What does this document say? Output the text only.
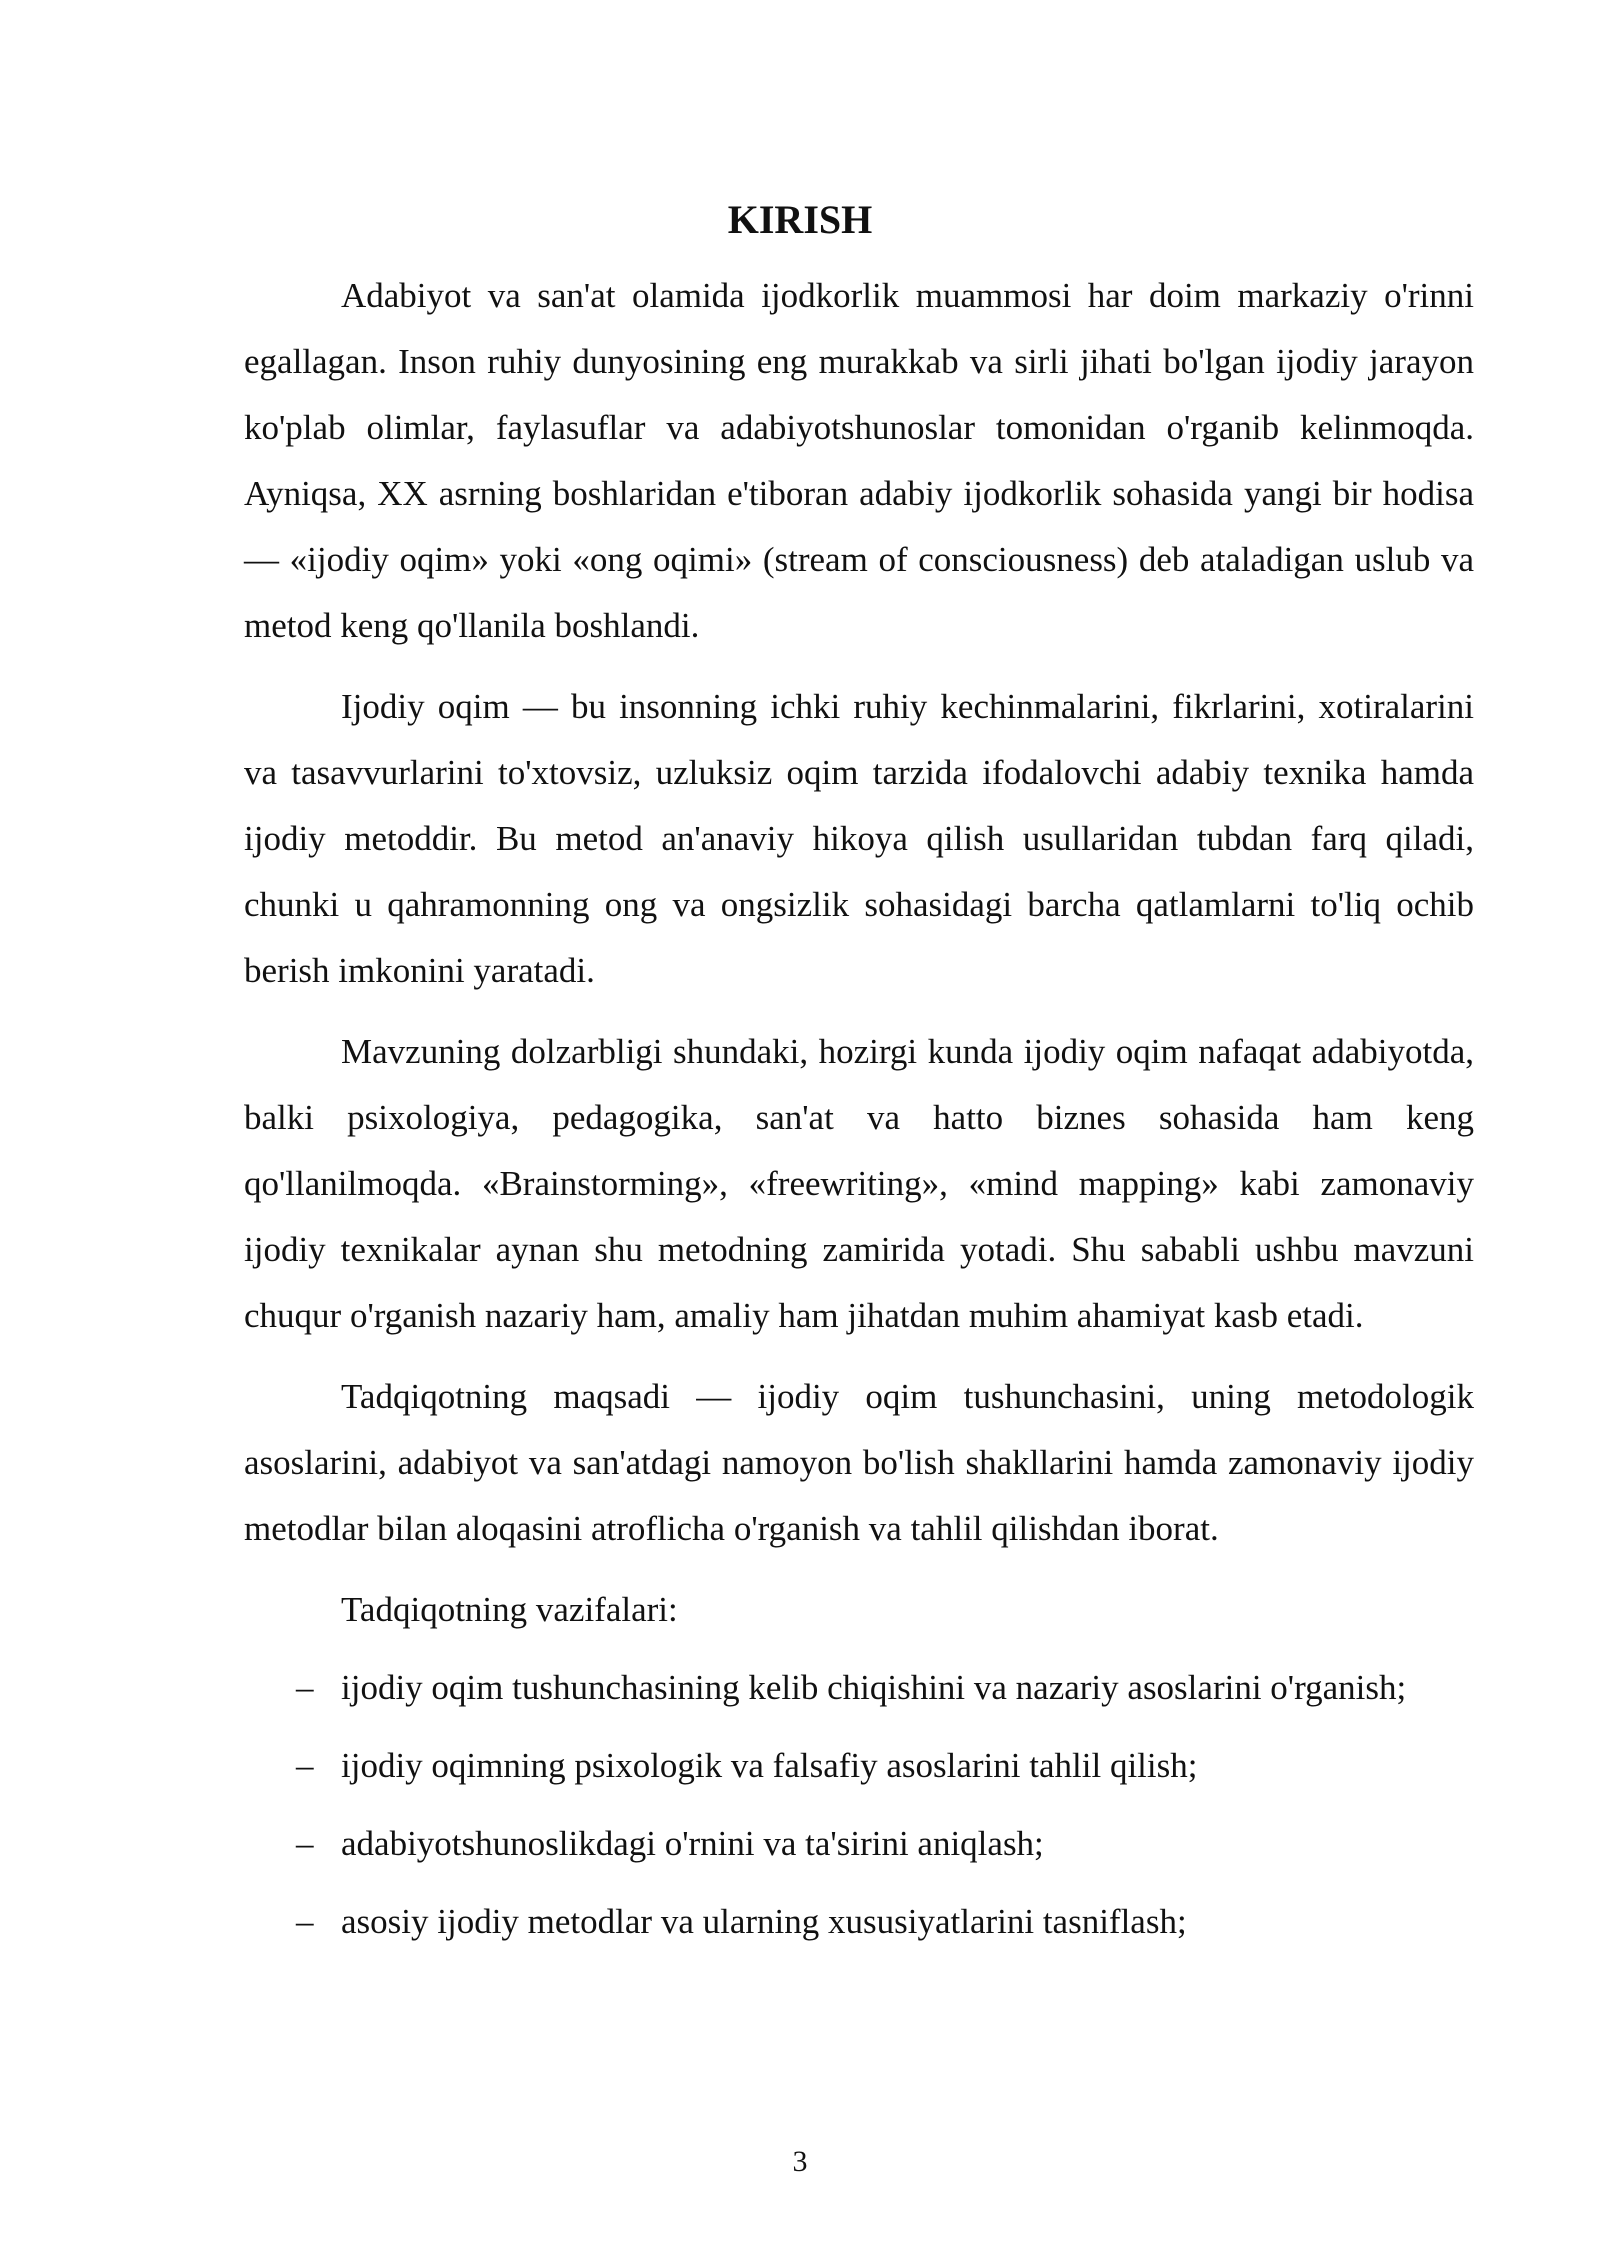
KIRISH

Adabiyot va san'at olamida ijodkorlik muammosi har doim markaziy o'rinni egallagan. Inson ruhiy dunyosining eng murakkab va sirli jihati bo'lgan ijodiy jarayon ko'plab olimlar, faylasuflar va adabiyotshunoslar tomonidan o'rganib kelinmoqda. Ayniqsa, XX asrning boshlaridan e'tiboran adabiy ijodkorlik sohasida yangi bir hodisa — «ijodiy oqim» yoki «ong oqimi» (stream of consciousness) deb ataladigan uslub va metod keng qo'llanila boshlandi.

Ijodiy oqim — bu insonning ichki ruhiy kechinmalarini, fikrlarini, xotiralarini va tasavvurlarini to'xtovsiz, uzluksiz oqim tarzida ifodalovchi adabiy texnika hamda ijodiy metoddir. Bu metod an'anaviy hikoya qilish usullaridan tubdan farq qiladi, chunki u qahramonning ong va ongsizlik sohasidagi barcha qatlamlarni to'liq ochib berish imkonini yaratadi.

Mavzuning dolzarbligi shundaki, hozirgi kunda ijodiy oqim nafaqat adabiyotda, balki psixologiya, pedagogika, san'at va hatto biznes sohasida ham keng qo'llanilmoqda. «Brainstorming», «freewriting», «mind mapping» kabi zamonaviy ijodiy texnikalar aynan shu metodning zamirida yotadi. Shu sababli ushbu mavzuni chuqur o'rganish nazariy ham, amaliy ham jihatdan muhim ahamiyat kasb etadi.

Tadqiqotning maqsadi — ijodiy oqim tushunchasini, uning metodologik asoslarini, adabiyot va san'atdagi namoyon bo'lish shakllarini hamda zamonaviy ijodiy metodlar bilan aloqasini atroflicha o'rganish va tahlil qilishdan iborat.

Tadqiqotning vazifalari:

– ijodiy oqim tushunchasining kelib chiqishini va nazariy asoslarini o'rganish;
– ijodiy oqimning psixologik va falsafiy asoslarini tahlil qilish;
– adabiyotshunoslikdagi o'rnini va ta'sirini aniqlash;
– asosiy ijodiy metodlar va ularning xususiyatlarini tasniflash;
3
